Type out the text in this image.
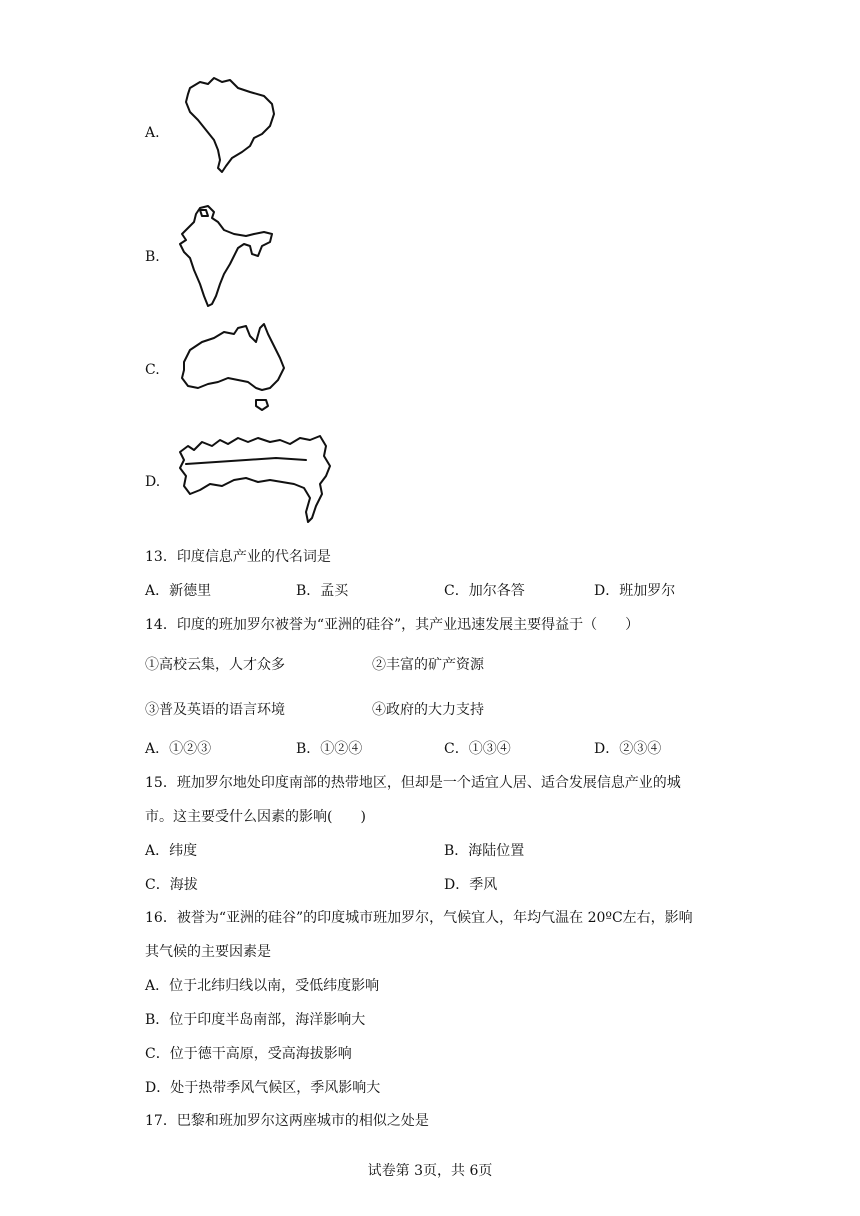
A.
B.
C.
D.
13．印度信息产业的代名词是
A．新德里	B．孟买	C．加尔各答	D．班加罗尔
14．印度的班加罗尔被誉为“亚洲的硅谷”，其产业迅速发展主要得益于（　　）
①高校云集，人才众多	②丰富的矿产资源
③普及英语的语言环境	④政府的大力支持
A．①②③	B．①②④	C．①③④	D．②③④
15．班加罗尔地处印度南部的热带地区，但却是一个适宜人居、适合发展信息产业的城
市。这主要受什么因素的影响(　　)
A．纬度	B．海陆位置
C．海拔	D．季风
16．被誉为“亚洲的硅谷”的印度城市班加罗尔，气候宜人，年均气温在 20ºC左右，影响
其气候的主要因素是
A．位于北纬归线以南，受低纬度影响
B．位于印度半岛南部，海洋影响大
C．位于德干高原，受高海拔影响
D．处于热带季风气候区，季风影响大
17．巴黎和班加罗尔这两座城市的相似之处是
试卷第 3页，共 6页
